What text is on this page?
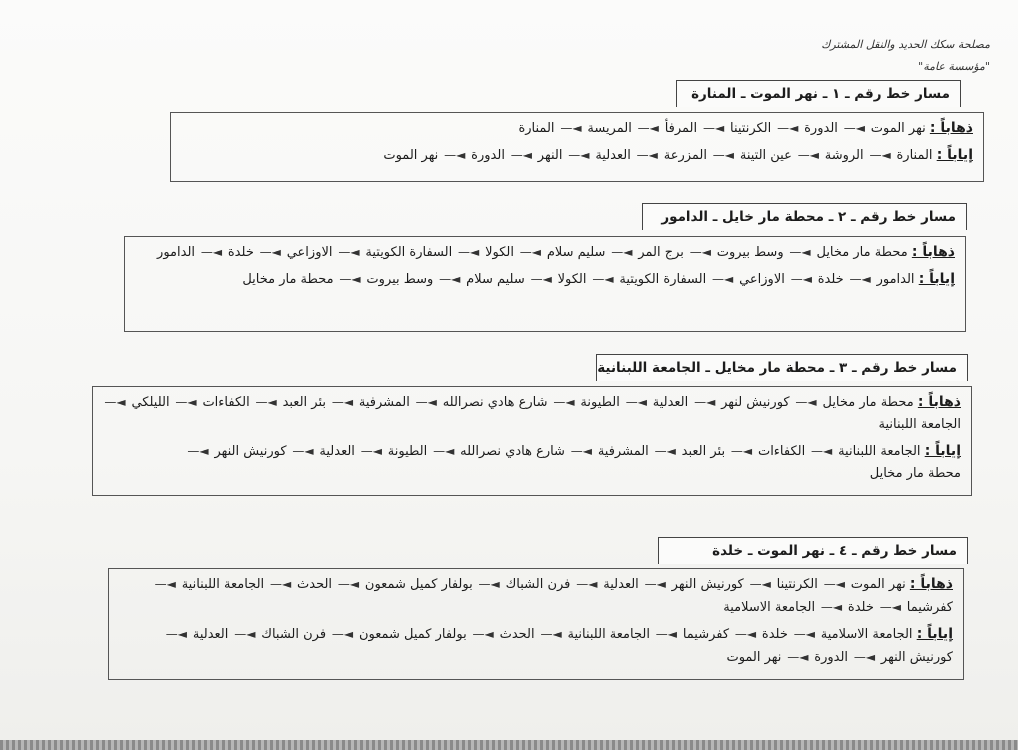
مصلحة سكك الحديد والنقل المشترك
"مؤسسة عامة"
مسار خط رقم ـ ١ ـ نهر الموت ـ المنارة
ذهاباً : نهر الموت ◄— الدورة ◄— الكرنتينا ◄— المرفأ ◄— المريسة ◄— المنارة
إياباً : المنارة ◄— الروشة ◄— عين التينة ◄— المزرعة ◄— العدلية ◄— النهر ◄— الدورة ◄— نهر الموت
مسار خط رقم ـ ٢ ـ محطة مار خايل ـ الدامور
ذهاباً : محطة مار مخايل ◄— وسط بيروت ◄— برج المر ◄— سليم سلام ◄— الكولا ◄— السفارة الكويتية ◄— الاوزاعي ◄— خلدة ◄— الدامور
إياباً : الدامور ◄— خلدة ◄— الاوزاعي ◄— السفارة الكويتية ◄— الكولا ◄— سليم سلام ◄— وسط بيروت ◄— محطة مار مخايل
مسار خط رقم ـ ٣ ـ محطة مار مخايل ـ الجامعة اللبنانية
ذهاباً : محطة مار مخايل ◄— كورنيش لنهر ◄— العدلية ◄— الطيونة ◄— شارع هادي نصرالله ◄— المشرفية ◄— بئر العبد ◄— الكفاءات ◄— الليلكي ◄— الجامعة اللبنانية
إياباً : الجامعة اللبنانية ◄— الكفاءات ◄— بئر العبد ◄— المشرفية ◄— شارع هادي نصرالله ◄— الطيونة ◄— العدلية ◄— كورنيش النهر ◄— محطة مار مخايل
مسار خط رقم ـ ٤ ـ نهر الموت ـ خلدة
ذهاباً : نهر الموت ◄— الكرنتينا ◄— كورنيش النهر ◄— العدلية ◄— فرن الشباك ◄— بولفار كميل شمعون ◄— الحدث ◄— الجامعة اللبنانية ◄— كفرشيما ◄— خلدة ◄— الجامعة الاسلامية
إياباً : الجامعة الاسلامية ◄— خلدة ◄— كفرشيما ◄— الجامعة اللبنانية ◄— الحدث ◄— بولفار كميل شمعون ◄— فرن الشباك ◄— العدلية ◄— كورنيش النهر ◄— الدورة ◄— نهر الموت
